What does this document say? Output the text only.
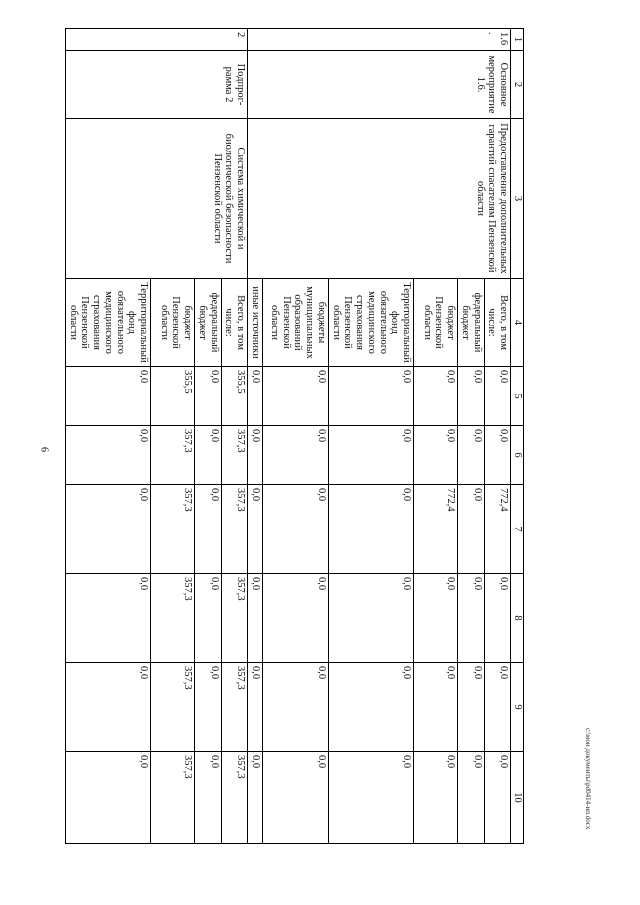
6
c:\мои документы\pd0414-ип.docx
1	2	3	4	5	6	7	8	9	10
1.6.	Основное мероприятие 1.6.	Предоставление дополнительных гарантий спасателям Пензенской области	Всего, в том числе:	0,0	0,0	772,4	0,0	0,0	0,0
			федеральный бюджет	0,0	0,0	0,0	0,0	0,0	0,0
			бюджет Пензенской области	0,0	0,0	772,4	0,0	0,0	0,0
			Территориальный фонд обязательного медицинского страхования Пензенской области	0,0	0,0	0,0	0,0	0,0	0,0
			бюджеты муниципальных образований Пензенской области	0,0	0,0	0,0	0,0	0,0	0,0
			иные источники	0,0	0,0	0,0	0,0	0,0	0,0
2	Подпрог-рамма 2	Система химической и биологической безопасности Пензенской области	Всего, в том числе:	355,5	357,3	357,3	357,3	357,3	357,3
			федеральный бюджет	0,0	0,0	0,0	0,0	0,0	0,0
			бюджет Пензенской области	355,5	357,3	357,3	357,3	357,3	357,3
			Территориальный фонд обязательного медицинского страхования Пензенской области	0,0	0,0	0,0	0,0	0,0	0,0
